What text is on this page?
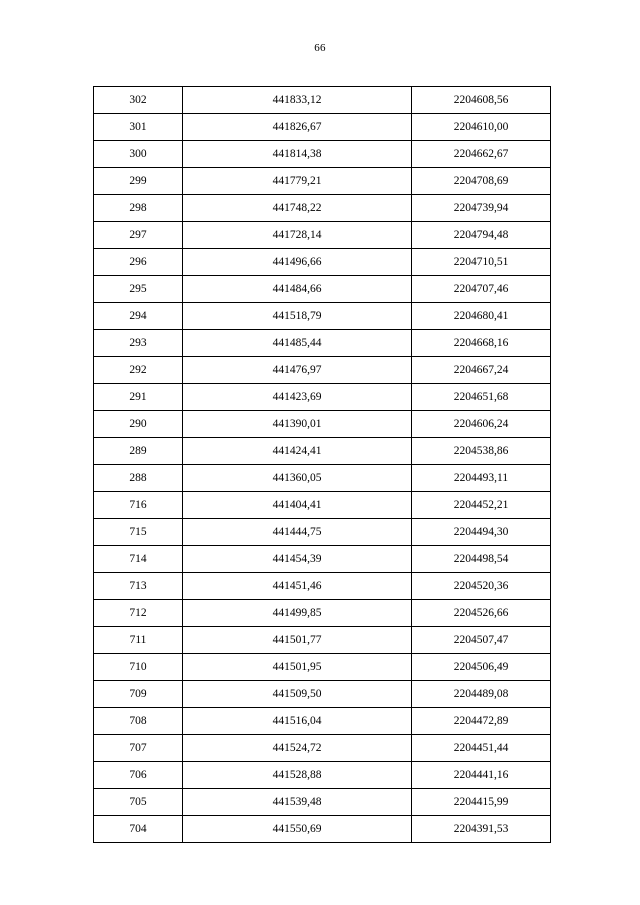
66
302	441833,12	2204608,56
301	441826,67	2204610,00
300	441814,38	2204662,67
299	441779,21	2204708,69
298	441748,22	2204739,94
297	441728,14	2204794,48
296	441496,66	2204710,51
295	441484,66	2204707,46
294	441518,79	2204680,41
293	441485,44	2204668,16
292	441476,97	2204667,24
291	441423,69	2204651,68
290	441390,01	2204606,24
289	441424,41	2204538,86
288	441360,05	2204493,11
716	441404,41	2204452,21
715	441444,75	2204494,30
714	441454,39	2204498,54
713	441451,46	2204520,36
712	441499,85	2204526,66
711	441501,77	2204507,47
710	441501,95	2204506,49
709	441509,50	2204489,08
708	441516,04	2204472,89
707	441524,72	2204451,44
706	441528,88	2204441,16
705	441539,48	2204415,99
704	441550,69	2204391,53
